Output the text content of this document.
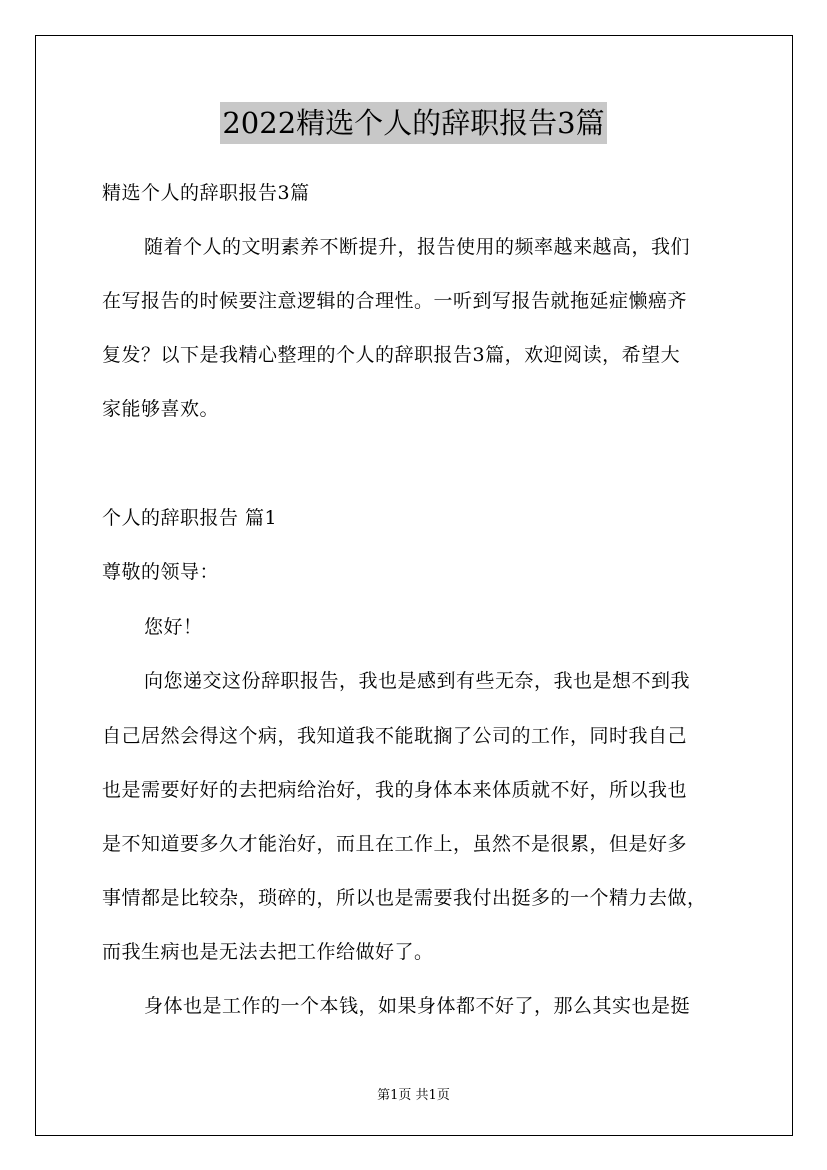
2022精选个人的辞职报告3篇

精选个人的辞职报告3篇

随着个人的文明素养不断提升，报告使用的频率越来越高，我们

在写报告的时候要注意逻辑的合理性。一听到写报告就拖延症懒癌齐

复发？以下是我精心整理的个人的辞职报告3篇，欢迎阅读，希望大

家能够喜欢。

个人的辞职报告 篇1

尊敬的领导：

您好！

向您递交这份辞职报告，我也是感到有些无奈，我也是想不到我

自己居然会得这个病，我知道我不能耽搁了公司的工作，同时我自己

也是需要好好的去把病给治好，我的身体本来体质就不好，所以我也

是不知道要多久才能治好，而且在工作上，虽然不是很累，但是好多

事情都是比较杂，琐碎的，所以也是需要我付出挺多的一个精力去做，

而我生病也是无法去把工作给做好了。

身体也是工作的一个本钱，如果身体都不好了，那么其实也是挺

第1页 共1页
